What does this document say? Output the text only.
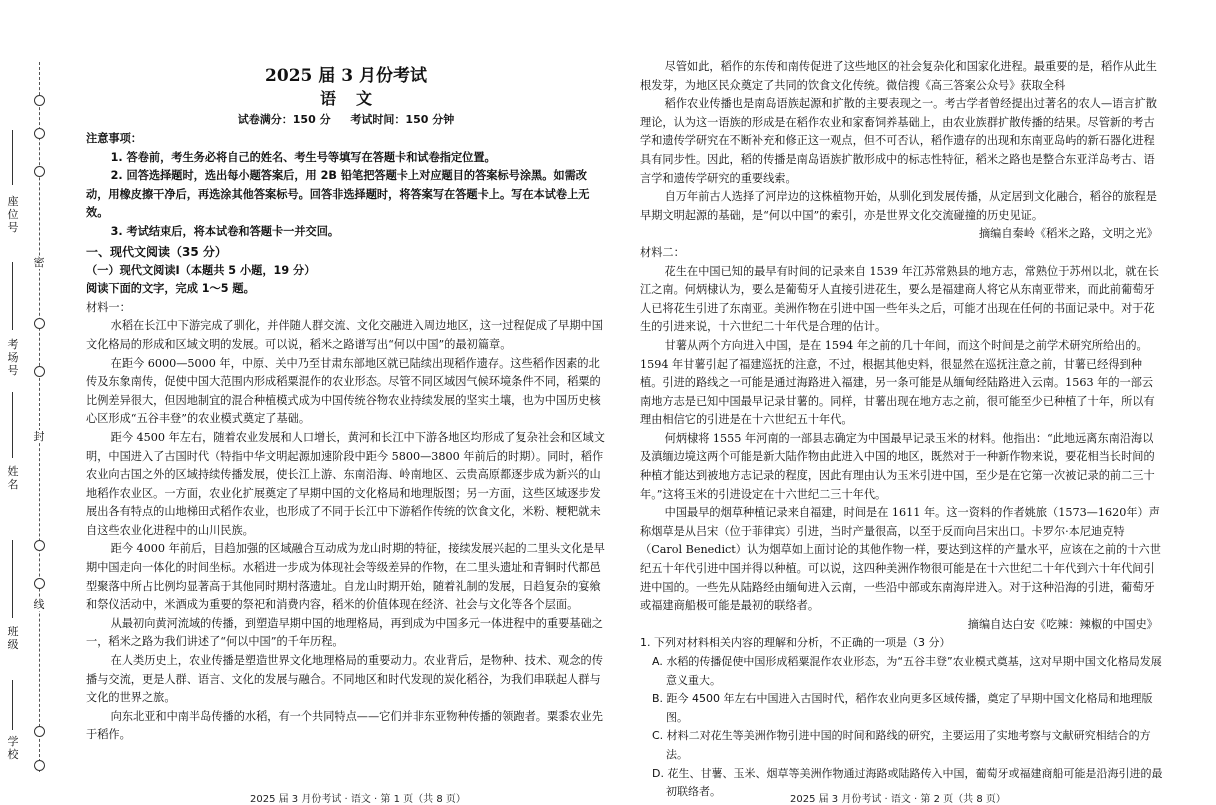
座位号
考场号
姓名
班级
学校
密
封
线

2025 届 3 月份考试

语文

试卷满分：150 分 考试时间：150 分钟

注意事项：

1. 答卷前，考生务必将自己的姓名、考生号等填写在答题卡和试卷指定位置。

2. 回答选择题时，选出每小题答案后，用 2B 铅笔把答题卡上对应题目的答案标号涂黑。如需改动，用橡皮擦干净后，再选涂其他答案标号。回答非选择题时，将答案写在答题卡上。写在本试卷上无效。

3. 考试结束后，将本试卷和答题卡一并交回。

一、现代文阅读（35 分）

（一）现代文阅读Ⅰ（本题共 5 小题，19 分）

阅读下面的文字，完成 1～5 题。

材料一：

水稻在长江中下游完成了驯化，并伴随人群交流、文化交融进入周边地区，这一过程促成了早期中国文化格局的形成和区域文明的发展。可以说，稻米之路谱写出“何以中国”的最初篇章。

在距今 6000—5000 年，中原、关中乃至甘肃东部地区就已陆续出现稻作遗存。这些稻作因素的北传及东象南传，促使中国大范围内形成稻粟混作的农业形态。尽管不同区域因气候环境条件不同，稻粟的比例差异很大，但因地制宜的混合种植模式成为中国传统谷物农业持续发展的坚实土壤，也为中国历史核心区形成“五谷丰登”的农业模式奠定了基础。

距今 4500 年左右，随着农业发展和人口增长，黄河和长江中下游各地区均形成了复杂社会和区域文明，中国进入了古国时代（特指中华文明起源加速阶段中距今 5800—3800 年前后的时期）。同时，稻作农业向古国之外的区域持续传播发展，使长江上游、东南沿海、岭南地区、云贵高原都逐步成为新兴的山地稻作农业区。一方面，农业化扩展奠定了早期中国的文化格局和地理版图；另一方面，这些区域逐步发展出各有特点的山地梯田式稻作农业，也形成了不同于长江中下游稻作传统的饮食文化，米粉、粳粑就未自这些农业化进程中的山川民族。

距今 4000 年前后，目趋加强的区域融合互动成为龙山时期的特征，接续发展兴起的二里头文化是早期中国走向一体化的时间坐标。水稻进一步成为体现社会等级差异的作物，在二里头遗址和青铜时代都邑型聚落中所占比例均显著高于其他同时期村落遗址。自龙山时期开始，随着礼制的发展，日趋复杂的宴飨和祭仪活动中，米酒成为重要的祭祀和消费内容，稻米的价值体现在经济、社会与文化等各个层面。

从最初向黄河流域的传播，到塑造早期中国的地理格局，再到成为中国多元一体进程中的重要基础之一，稻米之路为我们讲述了“何以中国”的千年历程。

在人类历史上，农业传播是塑造世界文化地理格局的重要动力。农业背后，是物种、技术、观念的传播与交流，更是人群、语言、文化的发展与融合。不同地区和时代发现的炭化稻谷，为我们串联起人群与文化的世界之旅。

向东北亚和中南半岛传播的水稻，有一个共同特点——它们并非东亚物种传播的领跑者。粟黍农业先于稻作。

2025 届 3 月份考试 · 语文 · 第 1 页（共 8 页）

尽管如此，稻作的东传和南传促进了这些地区的社会复杂化和国家化进程。最重要的是，稻作从此生根发芽，为地区民众奠定了共同的饮食文化传统。微信搜《高三答案公众号》获取全科

稻作农业传播也是南岛语族起源和扩散的主要表现之一。考古学者曾经提出过著名的农人—语言扩散理论，认为这一语族的形成是在稻作农业和家畜饲养基础上，由农业族群扩散传播的结果。尽管新的考古学和遗传学研究在不断补充和修正这一观点，但不可否认，稻作遗存的出现和东南亚岛屿的新石器化进程具有同步性。因此，稻的传播是南岛语族扩散形成中的标志性特征，稻米之路也是整合东亚洋岛考古、语言学和遗传学研究的重要线索。

自万年前古人选择了河岸边的这株植物开始，从驯化到发展传播，从定居到文化融合，稻谷的旅程是早期文明起源的基础，是“何以中国”的索引，亦是世界文化交流碰撞的历史见证。

摘编自秦岭《稻米之路，文明之光》

材料二：

花生在中国已知的最早有时间的记录来自 1539 年江苏常熟县的地方志，常熟位于苏州以北，就在长江之南。何炳棣认为，要么是葡萄牙人直接引进花生，要么是福建商人将它从东南亚带来，而此前葡萄牙人已将花生引进了东南亚。美洲作物在引进中国一些年头之后，可能才出现在任何的书面记录中。对于花生的引进来说，十六世纪二十年代是合理的估计。

甘薯从两个方向进入中国，是在 1594 年之前的几十年间，而这个时间是之前学术研究所给出的。1594 年甘薯引起了福建巡抚的注意，不过，根据其他史料，很显然在巡抚注意之前，甘薯已经得到种植。引进的路线之一可能是通过海路进入福建，另一条可能是从缅甸经陆路进入云南。1563 年的一部云南地方志是已知中国最早记录甘薯的。同样，甘薯出现在地方志之前，很可能至少已种植了十年，所以有理由相信它的引进是在十六世纪五十年代。

何炳棣将 1555 年河南的一部县志确定为中国最早记录玉米的材料。他指出：“此地远离东南沿海以及滇缅边境这两个可能是新大陆作物由此进入中国的地区，既然对于一种新作物来说，要花相当长时间的种植才能达到被地方志记录的程度，因此有理由认为玉米引进中国，至少是在它第一次被记录的前二三十年。”这将玉米的引进设定在十六世纪二三十年代。

中国最早的烟草种植记录来自福建，时间是在 1611 年。这一资料的作者姚旅（1573—1620年）声称烟草是从吕宋（位于菲律宾）引进，当时产量很高，以至于反而向吕宋出口。卡罗尔·本尼迪克特（Carol Benedict）认为烟草如上面讨论的其他作物一样，要达到这样的产量水平，应该在之前的十六世纪五十年代引进中国并得以种植。可以说，这四种美洲作物很可能是在十六世纪二十年代到六十年代间引进中国的。一些先从陆路经由缅甸进入云南，一些沿中部或东南海岸进入。对于这种沿海的引进，葡萄牙或福建商船极可能是最初的联络者。

摘编自达白安《吃辣：辣椒的中国史》

1. 下列对材料相关内容的理解和分析，不正确的一项是（3 分）

A. 水稻的传播促使中国形成稻粟混作农业形态，为“五谷丰登”农业模式奠基，这对早期中国文化格局发展意义重大。

B. 距今 4500 年左右中国进入古国时代，稻作农业向更多区域传播，奠定了早期中国文化格局和地理版图。

C. 材料二对花生等美洲作物引进中国的时间和路线的研究，主要运用了实地考察与文献研究相结合的方法。

D. 花生、甘薯、玉米、烟草等美洲作物通过海路或陆路传入中国，葡萄牙或福建商船可能是沿海引进的最初联络者。

2025 届 3 月份考试 · 语文 · 第 2 页（共 8 页）
